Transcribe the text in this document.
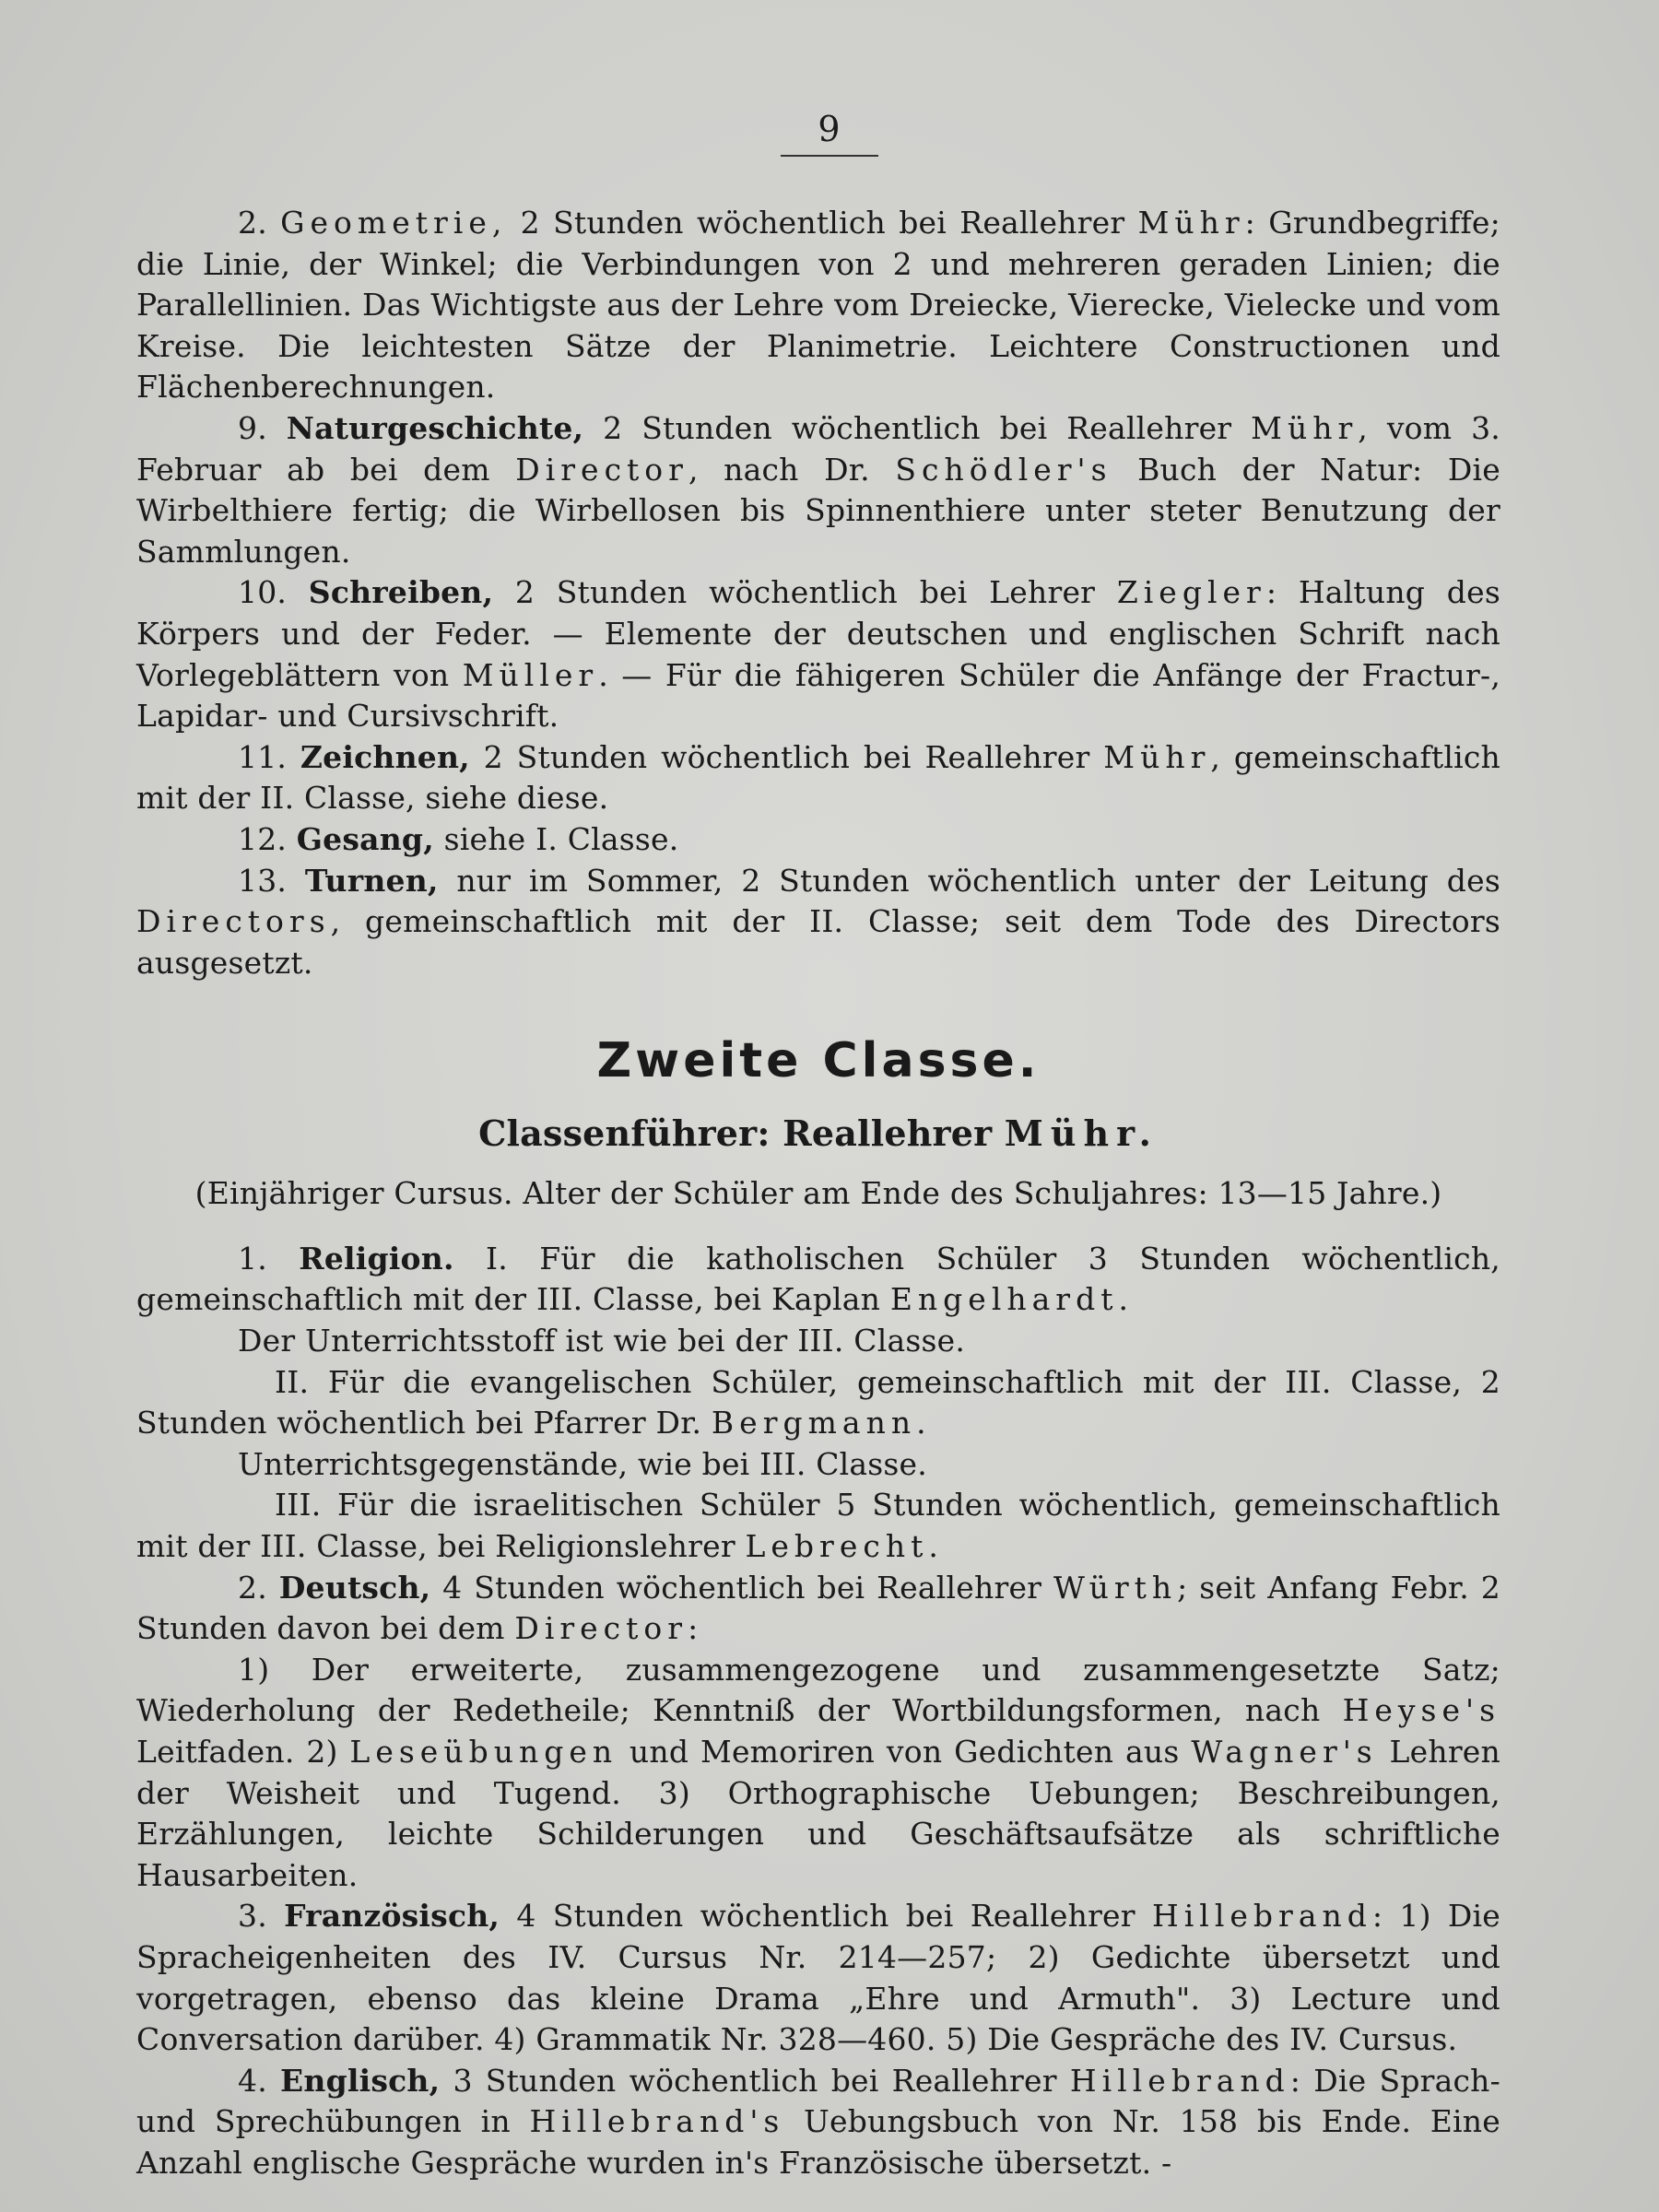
9

2. Geometrie, 2 Stunden wöchentlich bei Reallehrer Mühr: Grundbegriffe; die Linie, der Winkel; die Verbindungen von 2 und mehreren geraden Linien; die Parallellinien. Das Wichtigste aus der Lehre vom Dreiecke, Vierecke, Vielecke und vom Kreise. Die leichtesten Sätze der Planimetrie. Leichtere Constructionen und Flächenberechnungen.

9. Naturgeschichte, 2 Stunden wöchentlich bei Reallehrer Mühr, vom 3. Februar ab bei dem Director, nach Dr. Schödler's Buch der Natur: Die Wirbelthiere fertig; die Wirbellosen bis Spinnenthiere unter steter Benutzung der Sammlungen.

10. Schreiben, 2 Stunden wöchentlich bei Lehrer Ziegler: Haltung des Körpers und der Feder. — Elemente der deutschen und englischen Schrift nach Vorlegeblättern von Müller. — Für die fähigeren Schüler die Anfänge der Fractur-, Lapidar- und Cursivschrift.

11. Zeichnen, 2 Stunden wöchentlich bei Reallehrer Mühr, gemeinschaftlich mit der II. Classe, siehe diese.

12. Gesang, siehe I. Classe.

13. Turnen, nur im Sommer, 2 Stunden wöchentlich unter der Leitung des Directors, gemeinschaftlich mit der II. Classe; seit dem Tode des Directors ausgesetzt.

Zweite Classe.
Classenführer: Reallehrer Mühr.

(Einjähriger Cursus. Alter der Schüler am Ende des Schuljahres: 13—15 Jahre.)

1. Religion. I. Für die katholischen Schüler 3 Stunden wöchentlich, gemeinschaftlich mit der III. Classe, bei Kaplan Engelhardt.

Der Unterrichtsstoff ist wie bei der III. Classe.

II. Für die evangelischen Schüler, gemeinschaftlich mit der III. Classe, 2 Stunden wöchentlich bei Pfarrer Dr. Bergmann.

Unterrichtsgegenstände, wie bei III. Classe.

III. Für die israelitischen Schüler 5 Stunden wöchentlich, gemeinschaftlich mit der III. Classe, bei Religionslehrer Lebrecht.

2. Deutsch, 4 Stunden wöchentlich bei Reallehrer Würth; seit Anfang Febr. 2 Stunden davon bei dem Director:

1) Der erweiterte, zusammengezogene und zusammengesetzte Satz; Wiederholung der Redetheile; Kenntniß der Wortbildungsformen, nach Heyse's Leitfaden. 2) Leseübungen und Memoriren von Gedichten aus Wagner's Lehren der Weisheit und Tugend. 3) Orthographische Uebungen; Beschreibungen, Erzählungen, leichte Schilderungen und Geschäftsaufsätze als schriftliche Hausarbeiten.

3. Französisch, 4 Stunden wöchentlich bei Reallehrer Hillebrand: 1) Die Spracheigenheiten des IV. Cursus Nr. 214—257; 2) Gedichte übersetzt und vorgetragen, ebenso das kleine Drama „Ehre und Armuth". 3) Lecture und Conversation darüber. 4) Grammatik Nr. 328—460. 5) Die Gespräche des IV. Cursus.

4. Englisch, 3 Stunden wöchentlich bei Reallehrer Hillebrand: Die Sprach- und Sprechübungen in Hillebrand's Uebungsbuch von Nr. 158 bis Ende. Eine Anzahl englische Gespräche wurden in's Französische übersetzt. -
